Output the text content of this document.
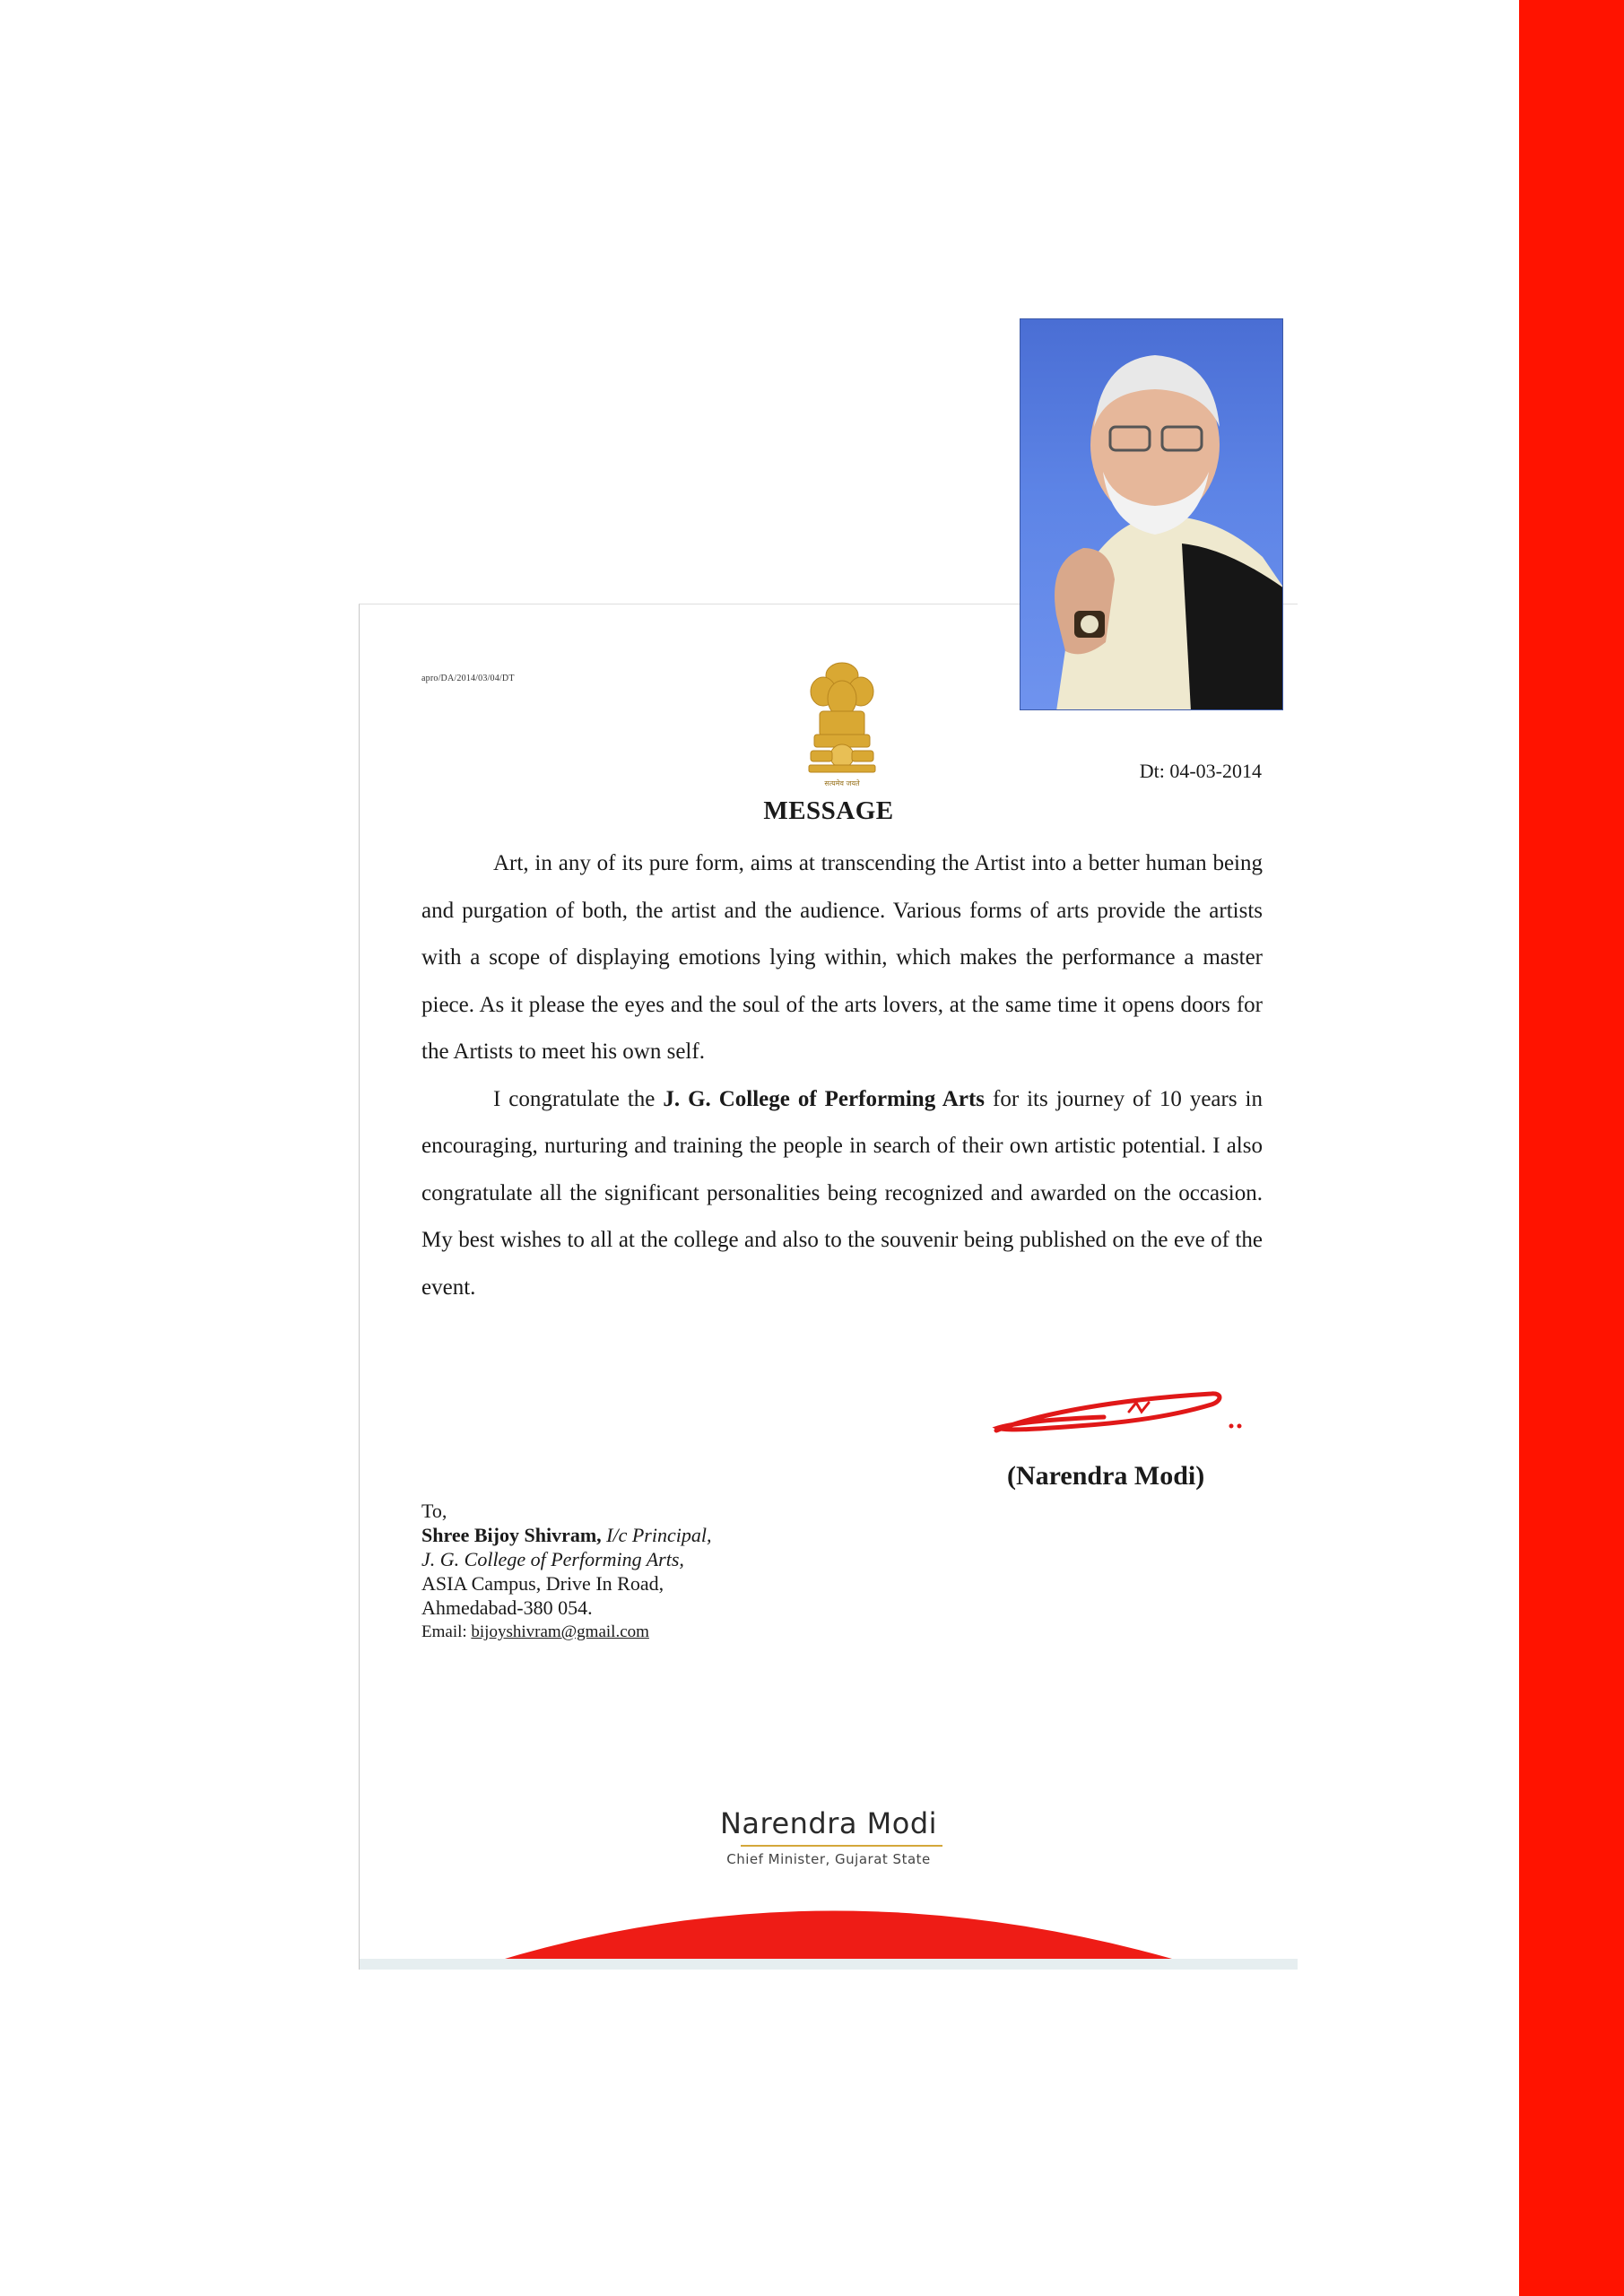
apro/DA/2014/03/04/DT
सत्यमेव जयते
Dt: 04-03-2014
MESSAGE

Art, in any of its pure form, aims at transcending the Artist into a better human being and purgation of both, the artist and the audience. Various forms of arts provide the artists with a scope of displaying emotions lying within, which makes the performance a master piece. As it please the eyes and the soul of the arts lovers, at the same time it opens doors for the Artists to meet his own self.

I congratulate the J. G. College of Performing Arts for its journey of 10 years in encouraging, nurturing and training the people in search of their own artistic potential. I also congratulate all the significant personalities being recognized and awarded on the occasion. My best wishes to all at the college and also to the souvenir being published on the eve of the event.

(Narendra Modi)
To,
Shree Bijoy Shivram, I/c Principal,
J. G. College of Performing Arts,
ASIA Campus, Drive In Road,
Ahmedabad-380 054.
Email: bijoyshivram@gmail.com
Narendra Modi
Chief Minister, Gujarat State
